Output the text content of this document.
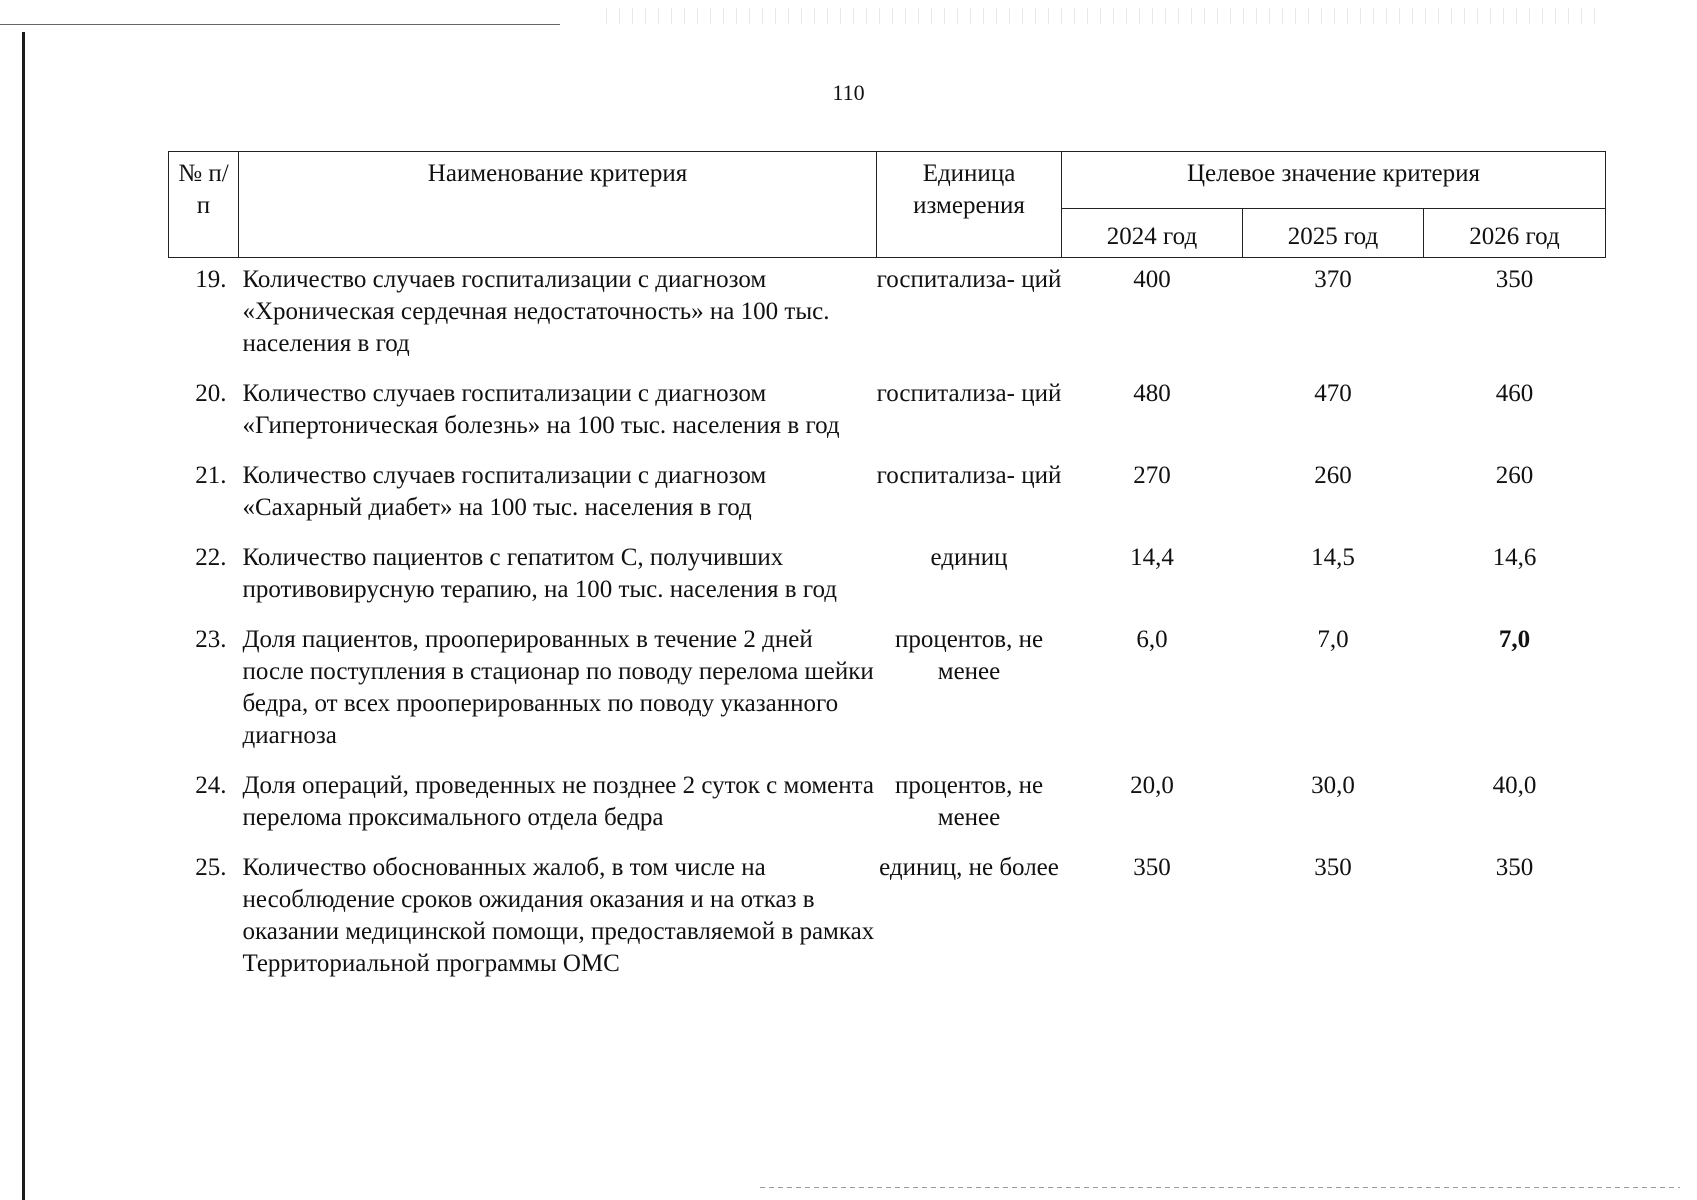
110
№ п/п	Наименование критерия	Единица измерения	Целевое значение критерия		
			2024 год	2025 год	2026 год
19.	Количество случаев госпитализации с диагнозом «Хроническая сердечная недостаточность» на 100 тыс. населения в год	госпитализа- ций	400	370	350
20.	Количество случаев госпитализации с диагнозом «Гипертоническая болезнь» на 100 тыс. населения в год	госпитализа- ций	480	470	460
21.	Количество случаев госпитализации с диагнозом «Сахарный диабет» на 100 тыс. населения в год	госпитализа- ций	270	260	260
22.	Количество пациентов с гепатитом С, получивших противовирусную терапию, на 100 тыс. населения в год	единиц	14,4	14,5	14,6
23.	Доля пациентов, прооперированных в течение 2 дней после поступления в стационар по поводу перелома шейки бедра, от всех прооперированных по поводу указанного диагноза	процентов, не менее	6,0	7,0	7,0
24.	Доля операций, проведенных не позднее 2 суток с момента перелома проксимального отдела бедра	процентов, не менее	20,0	30,0	40,0
25.	Количество обоснованных жалоб, в том числе на несоблюдение сроков ожидания оказания и на отказ в оказании медицинской помощи, предоставляемой в рамках Территориальной программы ОМС	единиц, не более	350	350	350
